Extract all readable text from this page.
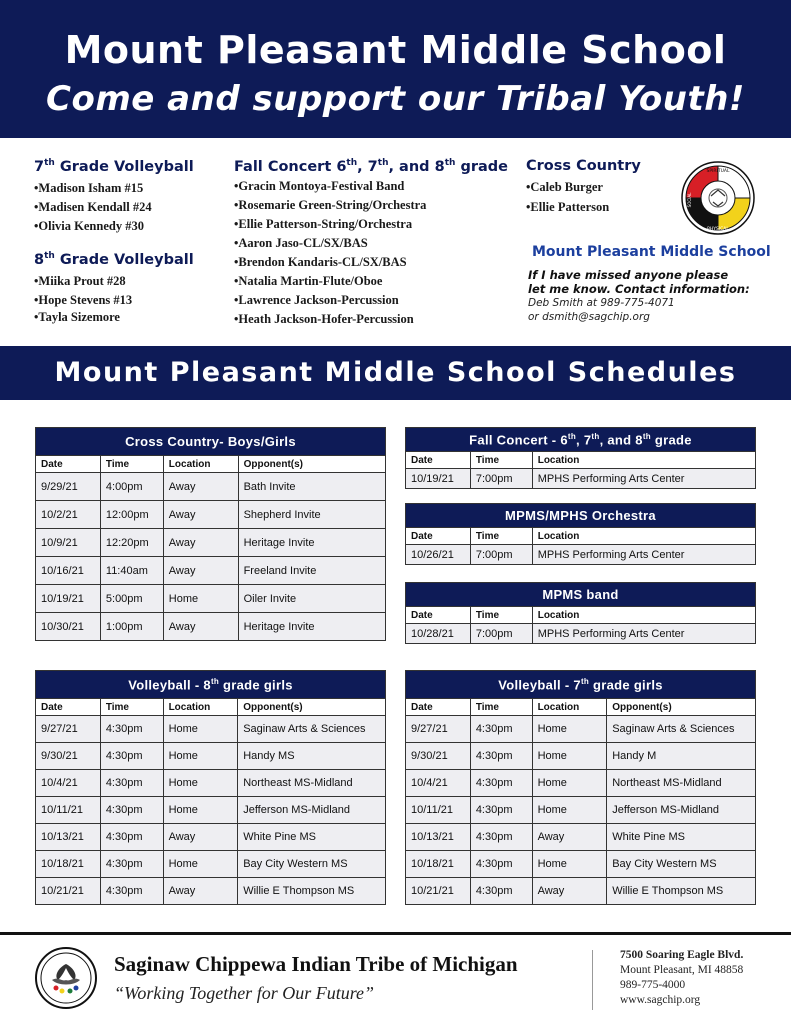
Mount Pleasant Middle School
Come and support our Tribal Youth!
7th Grade Volleyball
• Madison Isham #15
• Madisen Kendall #24
• Olivia Kennedy #30
8th Grade Volleyball
• Miika Prout #28
• Hope Stevens #13
• Tayla Sizemore
Fall Concert 6th, 7th, and 8th grade
• Gracin Montoya-Festival Band
• Rosemarie Green-String/Orchestra
• Ellie Patterson-String/Orchestra
• Aaron Jaso-CL/SX/BAS
• Brendon Kandaris-CL/SX/BAS
• Natalia Martin-Flute/Oboe
• Lawrence Jackson-Percussion
• Heath Jackson-Hofer-Percussion
Cross Country
• Caleb Burger
• Ellie Patterson
SPIRITUAL
PHYSICAL
SOCIAL
Mount Pleasant Middle School
If I have missed anyone please
let me know. Contact information:
Deb Smith at 989-775-4071
or dsmith@sagchip.org
Mount Pleasant Middle School Schedules
Cross Country- Boys/Girls			
Date	Time	Location	Opponent(s)
9/29/21	4:00pm	Away	Bath Invite
10/2/21	12:00pm	Away	Shepherd Invite
10/9/21	12:20pm	Away	Heritage Invite
10/16/21	11:40am	Away	Freeland Invite
10/19/21	5:00pm	Home	Oiler Invite
10/30/21	1:00pm	Away	Heritage Invite
Fall Concert - 6th, 7th, and 8th grade		
Date	Time	Location
10/19/21	7:00pm	MPHS Performing Arts Center
MPMS/MPHS Orchestra		
Date	Time	Location
10/26/21	7:00pm	MPHS Performing Arts Center
MPMS band		
Date	Time	Location
10/28/21	7:00pm	MPHS Performing Arts Center
Volleyball - 8th grade girls			
Date	Time	Location	Opponent(s)
9/27/21	4:30pm	Home	Saginaw Arts & Sciences
9/30/21	4:30pm	Home	Handy MS
10/4/21	4:30pm	Home	Northeast MS-Midland
10/11/21	4:30pm	Home	Jefferson MS-Midland
10/13/21	4:30pm	Away	White Pine MS
10/18/21	4:30pm	Home	Bay City Western MS
10/21/21	4:30pm	Away	Willie E Thompson MS
Volleyball - 7th grade girls			
Date	Time	Location	Opponent(s)
9/27/21	4:30pm	Home	Saginaw Arts & Sciences
9/30/21	4:30pm	Home	Handy M
10/4/21	4:30pm	Home	Northeast MS-Midland
10/11/21	4:30pm	Home	Jefferson MS-Midland
10/13/21	4:30pm	Away	White Pine MS
10/18/21	4:30pm	Home	Bay City Western MS
10/21/21	4:30pm	Away	Willie E Thompson MS
Saginaw Chippewa Indian Tribe of Michigan
“Working Together for Our Future”
7500 Soaring Eagle Blvd.
Mount Pleasant, MI 48858
989-775-4000
www.sagchip.org
